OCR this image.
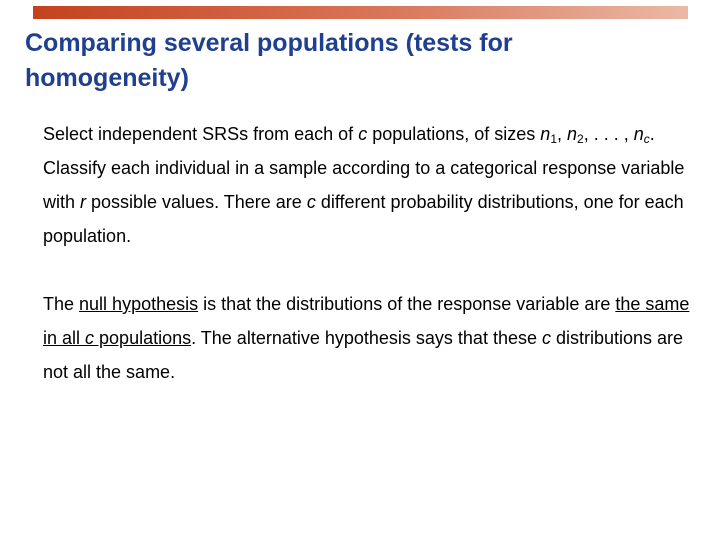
Comparing several populations (tests for homogeneity)

Select independent SRSs from each of c populations, of sizes $n_1$, $n_2$, . . . , $n_c$. Classify each individual in a sample according to a categorical response variable with r possible values. There are c different probability distributions, one for each population.

The null hypothesis is that the distributions of the response variable are the same in all c populations. The alternative hypothesis says that these c distributions are not all the same.
